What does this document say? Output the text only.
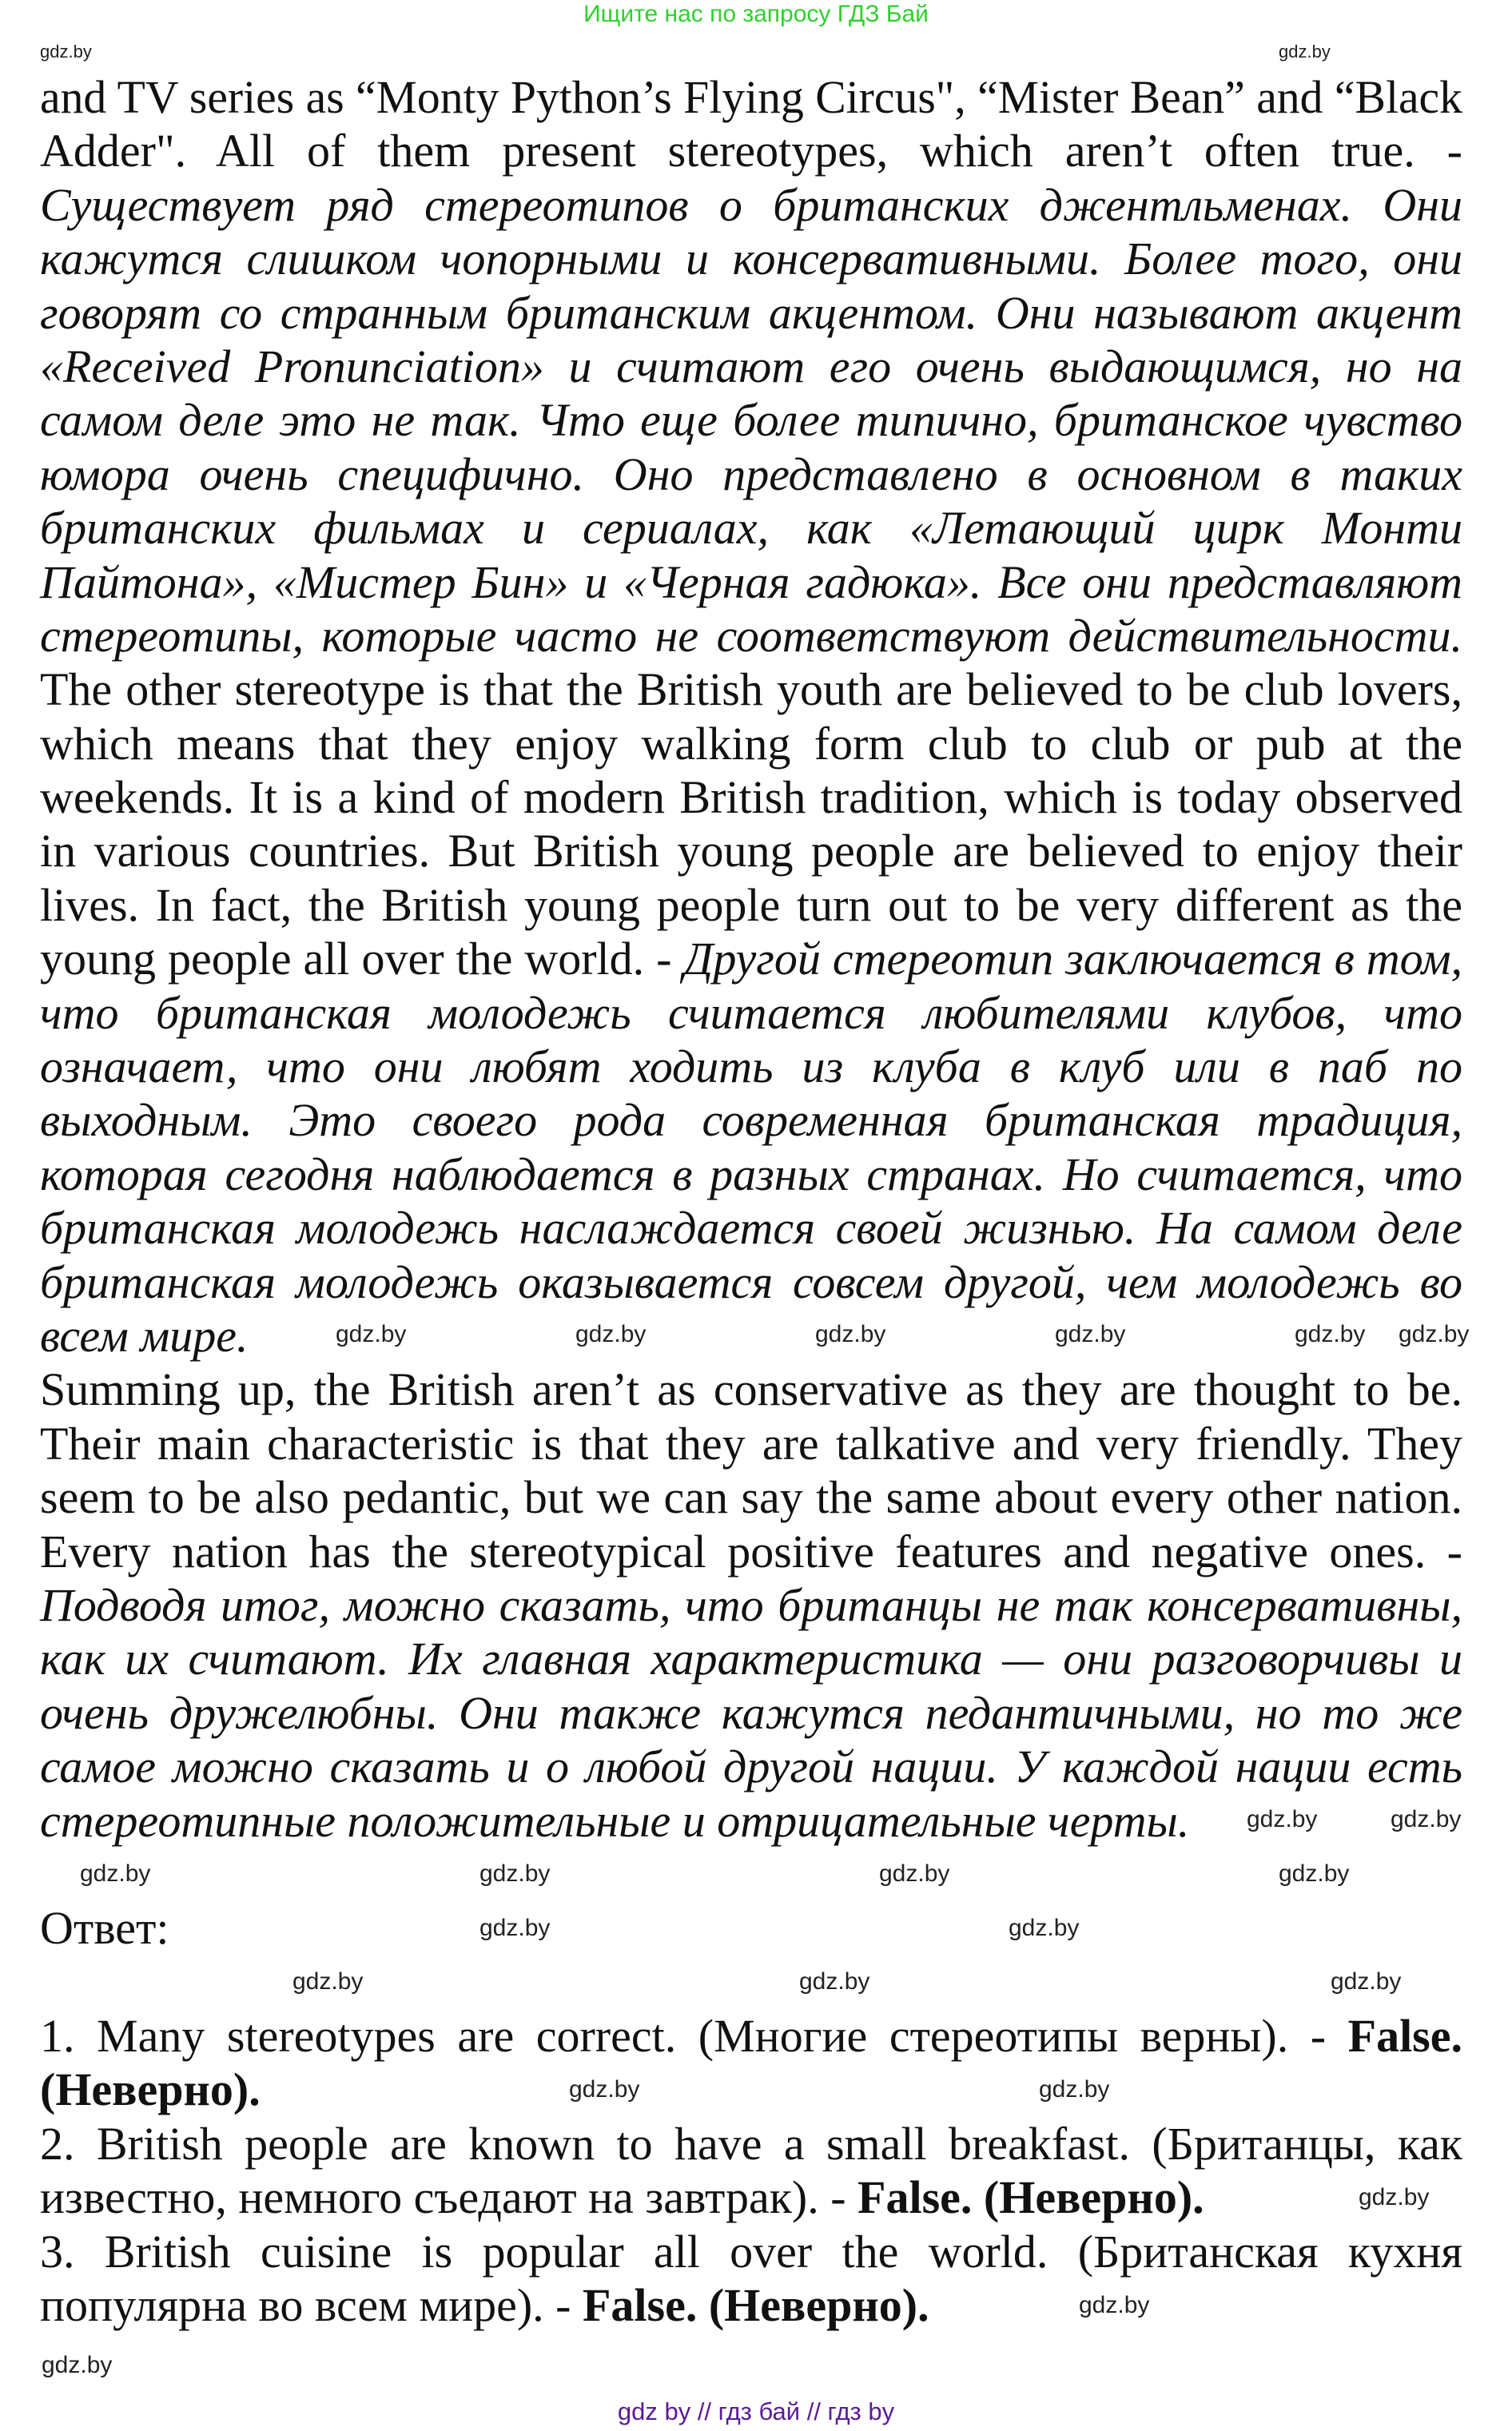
Ищите нас по запросу ГДЗ Бай
and TV series as “Monty Python’s Flying Circus", “Mister Bean” and “Black
Adder". All of them present stereotypes, which aren’t often true. -
Существует ряд стереотипов о британских джентльменах. Они
кажутся слишком чопорными и консервативными. Более того, они
говорят со странным британским акцентом. Они называют акцент
«Received Pronunciation» и считают его очень выдающимся, но на
самом деле это не так. Что еще более типично, британское чувство
юмора очень специфично. Оно представлено в основном в таких
британских фильмах и сериалах, как «Летающий цирк Монти
Пайтона», «Мистер Бин» и «Черная гадюка». Все они представляют
стереотипы, которые часто не соответствуют действительности.
The other stereotype is that the British youth are believed to be club lovers,
which means that they enjoy walking form club to club or pub at the
weekends. It is a kind of modern British tradition, which is today observed
in various countries. But British young people are believed to enjoy their
lives. In fact, the British young people turn out to be very different as the
young people all over the world. - Другой стереотип заключается в том,
что британская молодежь считается любителями клубов, что
означает, что они любят ходить из клуба в клуб или в паб по
выходным. Это своего рода современная британская традиция,
которая сегодня наблюдается в разных странах. Но считается, что
британская молодежь наслаждается своей жизнью. На самом деле
британская молодежь оказывается совсем другой, чем молодежь во
всем мире.
Summing up, the British aren’t as conservative as they are thought to be.
Their main characteristic is that they are talkative and very friendly. They
seem to be also pedantic, but we can say the same about every other nation.
Every nation has the stereotypical positive features and negative ones. -
Подводя итог, можно сказать, что британцы не так консервативны,
как их считают. Их главная характеристика — они разговорчивы и
очень дружелюбны. Они также кажутся педантичными, но то же
самое можно сказать и о любой другой нации. У каждой нации есть
стереотипные положительные и отрицательные черты.
Ответ:
1. Many stereotypes are correct. (Многие стереотипы верны). - False.
(Неверно).
2. British people are known to have a small breakfast. (Британцы, как
известно, немного съедают на завтрак). - False. (Неверно).
3. British cuisine is popular all over the world. (Британская кухня
популярна во всем мире). - False. (Неверно).
gdz.by	gdz.by
gdz.by	gdz.by	gdz.by	gdz.by	gdz.by
gdz.by	gdz.by
gdz.by	gdz.by	gdz.by	gdz.by
gdz.by	gdz.by
gdz.by	gdz.by	gdz.by
gdz.by	gdz.by
gdz.by
gdz.by
gdz.by
gdz.by
gdz by // гдз бай // гдз by
